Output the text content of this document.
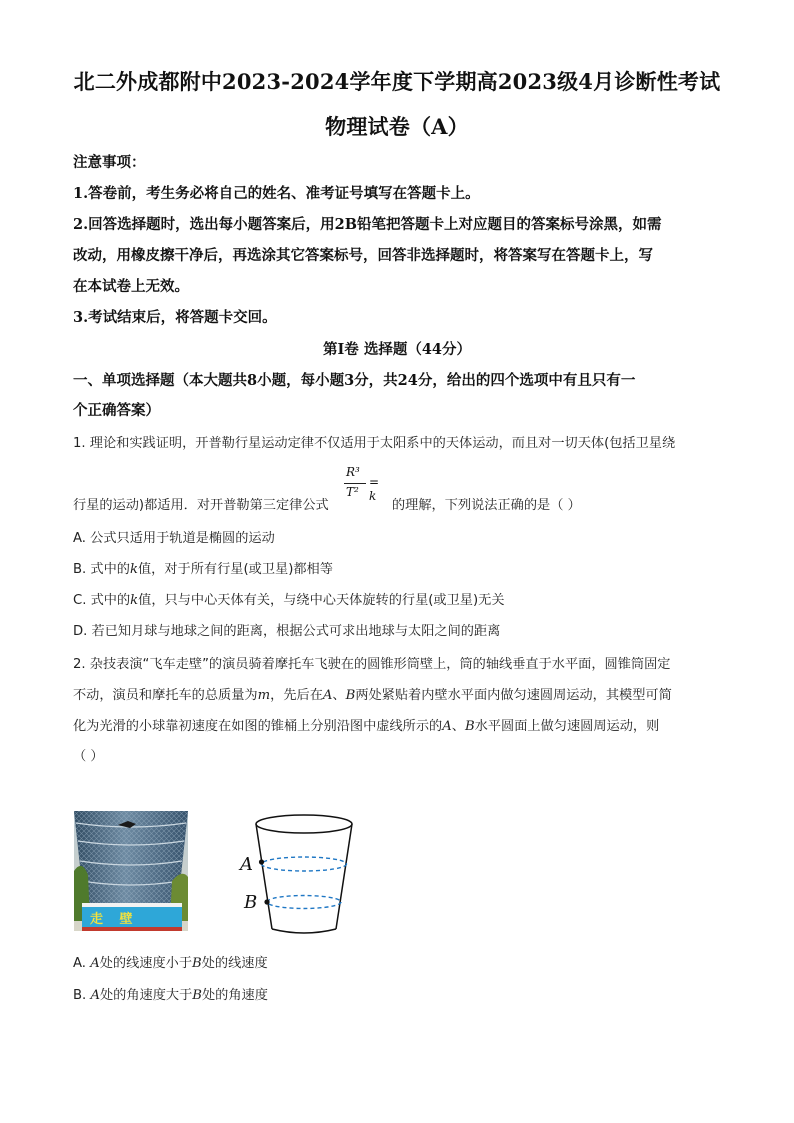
北二外成都附中2023-2024学年度下学期高2023级4月诊断性考试
物理试卷（A）
注意事项：
1.答卷前，考生务必将自己的姓名、准考证号填写在答题卡上。
2.回答选择题时，选出每小题答案后，用2B铅笔把答题卡上对应题目的答案标号涂黑，如需
改动，用橡皮擦干净后，再选涂其它答案标号，回答非选择题时，将答案写在答题卡上，写
在本试卷上无效。
3.考试结束后，将答题卡交回。
第Ⅰ卷 选择题（44分）
一、单项选择题（本大题共8小题，每小题3分，共24分，给出的四个选项中有且只有一
个正确答案）
1. 理论和实践证明，开普勒行星运动定律不仅适用于太阳系中的天体运动，而且对一切天体(包括卫星绕
行星的运动)都适用．对开普勒第三定律公式
R³
T²
= k
的理解，下列说法正确的是（ ）
A. 公式只适用于轨道是椭圆的运动
B. 式中的k值，对于所有行星(或卫星)都相等
C. 式中的k值，只与中心天体有关，与绕中心天体旋转的行星(或卫星)无关
D. 若已知月球与地球之间的距离，根据公式可求出地球与太阳之间的距离
2. 杂技表演“飞车走壁”的演员骑着摩托车飞驶在的圆锥形筒壁上，筒的轴线垂直于水平面，圆锥筒固定
不动，演员和摩托车的总质量为m，先后在A、B两处紧贴着内壁水平面内做匀速圆周运动，其模型可简
化为光滑的小球靠初速度在如图的锥桶上分别沿图中虚线所示的A、B水平圆面上做匀速圆周运动，则
（ ）
走 壁
A
B
A. A处的线速度小于B处的线速度
B. A处的角速度大于B处的角速度
